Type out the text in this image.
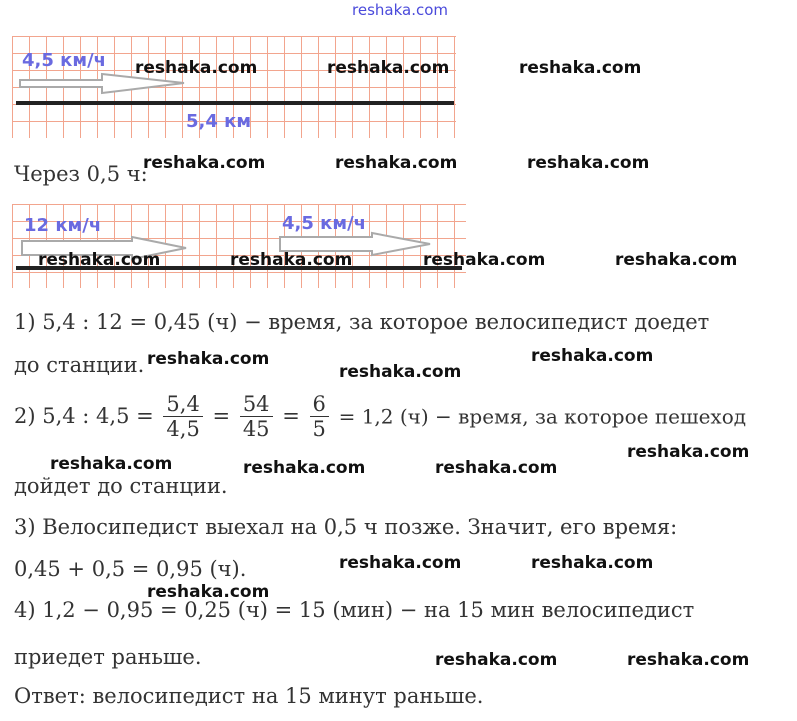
reshaka.com
4,5 км/ч
5,4 км
Через 0,5 ч:
12 км/ч	4,5 км/ч
1) 5,4 : 12 = 0,45 (ч) − время, за которое велосипедист доедет
до станции.
2) 5,4 : $4,5 = \frac{5,4}{4,5} = \frac{54}{45} = \frac{6}{5} = 1,2$ (ч) − время, за которое пешеход
дойдет до станции.
3) Велосипедист выехал на 0,5 ч позже. Значит, его время:
0,45 + 0,5 = 0,95 (ч).
4) 1,2 − 0,95 = 0,25 (ч) = 15 (мин) − на 15 мин велосипедист
приедет раньше.
Ответ: велосипедист на 15 минут раньше.
reshaka.com	reshaka.com	reshaka.com
reshaka.com	reshaka.com	reshaka.com
reshaka.com	reshaka.com	reshaka.com	reshaka.com
reshaka.com
reshaka.com
reshaka.com
reshaka.com	reshaka.com	reshaka.com
reshaka.com
reshaka.com	reshaka.com
reshaka.com
reshaka.com	reshaka.com
